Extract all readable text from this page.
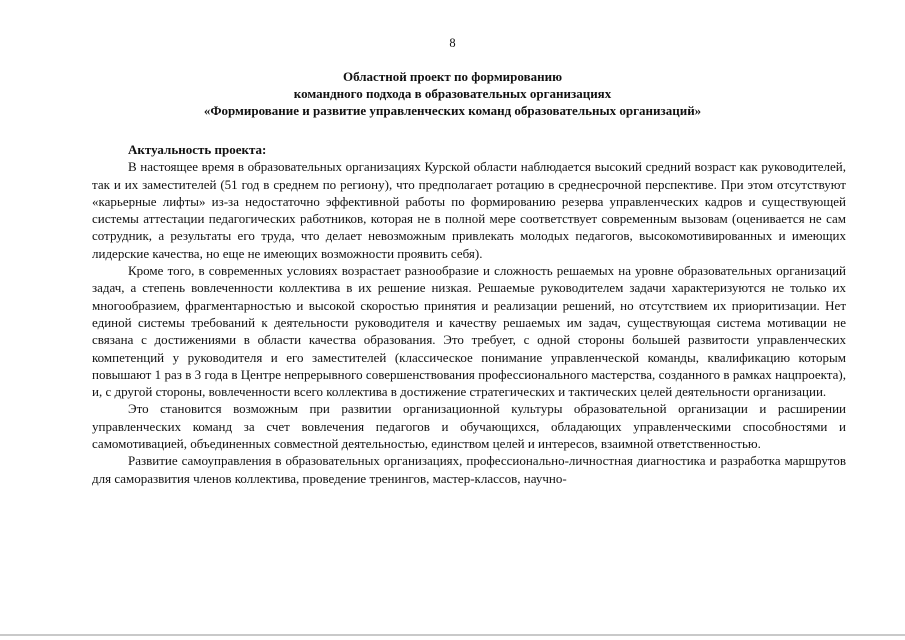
8
Областной проект по формированию
командного подхода в образовательных организациях
«Формирование и развитие управленческих команд образовательных организаций»
Актуальность проекта:

В настоящее время в образовательных организациях Курской области наблюдается высокий средний возраст как руководителей, так и их заместителей (51 год в среднем по региону), что предполагает ротацию в среднесрочной перспективе. При этом отсутствуют «карьерные лифты» из-за недостаточно эффективной работы по формированию резерва управленческих кадров и существующей системы аттестации педагогических работников, которая не в полной мере соответствует современным вызовам (оценивается не сам сотрудник, а результаты его труда, что делает невозможным привлекать молодых педагогов, высокомотивированных и имеющих лидерские качества, но еще не имеющих возможности проявить себя).

Кроме того, в современных условиях возрастает разнообразие и сложность решаемых на уровне образовательных организаций задач, а степень вовлеченности коллектива в их решение низкая. Решаемые руководителем задачи характеризуются не только их многообразием, фрагментарностью и высокой скоростью принятия и реализации решений, но отсутствием их приоритизации. Нет единой системы требований к деятельности руководителя и качеству решаемых им задач, существующая система мотивации не связана с достижениями в области качества образования. Это требует, с одной стороны большей развитости управленческих компетенций у руководителя и его заместителей (классическое понимание управленческой команды, квалификацию которым повышают 1 раз в 3 года в Центре непрерывного совершенствования профессионального мастерства, созданного в рамках нацпроекта), и, с другой стороны, вовлеченности всего коллектива в достижение стратегических и тактических целей деятельности организации.

Это становится возможным при развитии организационной культуры образовательной организации и расширении управленческих команд за счет вовлечения педагогов и обучающихся, обладающих управленческими способностями и самомотивацией, объединенных совместной деятельностью, единством целей и интересов, взаимной ответственностью.

Развитие самоуправления в образовательных организациях, профессионально-личностная диагностика и разработка маршрутов для саморазвития членов коллектива, проведение тренингов, мастер-классов, научно-
